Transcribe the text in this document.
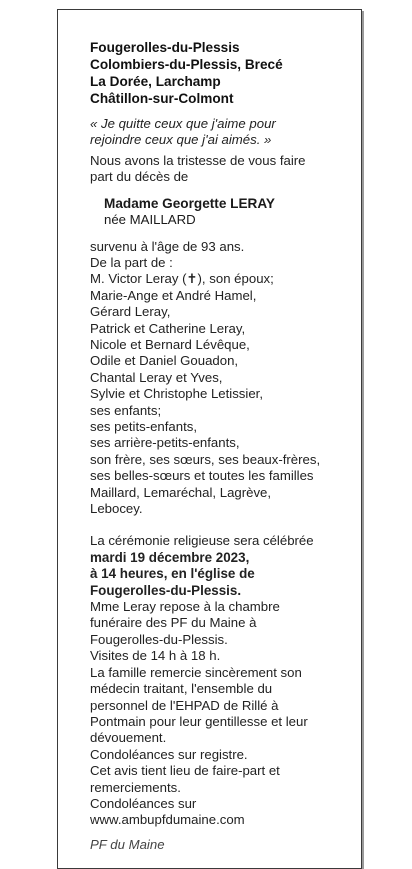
Fougerolles-du-Plessis
Colombiers-du-Plessis, Brecé
La Dorée, Larchamp
Châtillon-sur-Colmont
« Je quitte ceux que j'aime pour
rejoindre ceux que j'ai aimés. »
Nous avons la tristesse de vous faire
part du décès de
Madame Georgette LERAY
née MAILLARD
survenu à l'âge de 93 ans.
De la part de :
M. Victor Leray (✝), son époux;
Marie-Ange et André Hamel,
Gérard Leray,
Patrick et Catherine Leray,
Nicole et Bernard Lévêque,
Odile et Daniel Gouadon,
Chantal Leray et Yves,
Sylvie et Christophe Letissier,
ses enfants;
ses petits-enfants,
ses arrière-petits-enfants,
son frère, ses sœurs, ses beaux-frères,
ses belles-sœurs et toutes les familles
Maillard, Lemaréchal, Lagrève,
Lebocey.
La cérémonie religieuse sera célébrée
mardi 19 décembre 2023,
à 14 heures, en l'église de
Fougerolles-du-Plessis.
Mme Leray repose à la chambre
funéraire des PF du Maine à
Fougerolles-du-Plessis.
Visites de 14 h à 18 h.
La famille remercie sincèrement son
médecin traitant, l'ensemble du
personnel de l'EHPAD de Rillé à
Pontmain pour leur gentillesse et leur
dévouement.
Condoléances sur registre.
Cet avis tient lieu de faire-part et
remerciements.
Condoléances sur
www.ambupfdumaine.com
PF du Maine
